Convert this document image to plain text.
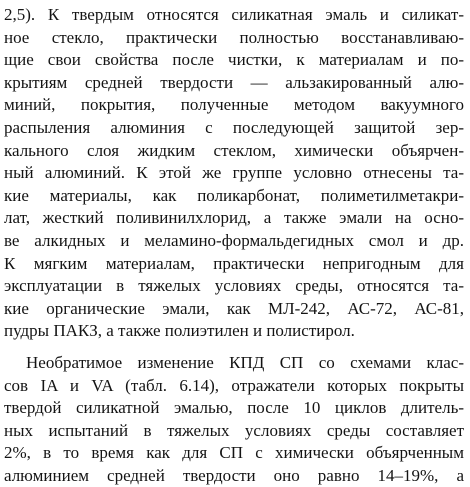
2,5). К твердым относятся силикатная эмаль и силикат-
ное стекло, практически полностью восстанавливаю-
щие свои свойства после чистки, к материалам и по-
крытиям средней твердости — альзакированный алю-
миний, покрытия, полученные методом вакуумного
распыления алюминия с последующей защитой зер-
кального слоя жидким стеклом, химически объярчен-
ный алюминий. К этой же группе условно отнесены та-
кие материалы, как поликарбонат, полиметилметакри-
лат, жесткий поливинилхлорид, а также эмали на осно-
ве алкидных и меламино-формальдегидных смол и др.
К мягким материалам, практически непригодным для
эксплуатации в тяжелых условиях среды, относятся та-
кие органические эмали, как МЛ-242, АС-72, АС-81,
пудры ПАКЗ, а также полиэтилен и полистирол.
Необратимое изменение КПД СП со схемами клас-
сов IA и VA (табл. 6.14), отражатели которых покрыты
твердой силикатной эмалью, после 10 циклов длитель-
ных испытаний в тяжелых условиях среды составляет
2%, в то время как для СП с химически объярченным
алюминием средней твердости оно равно 14–19%, а
